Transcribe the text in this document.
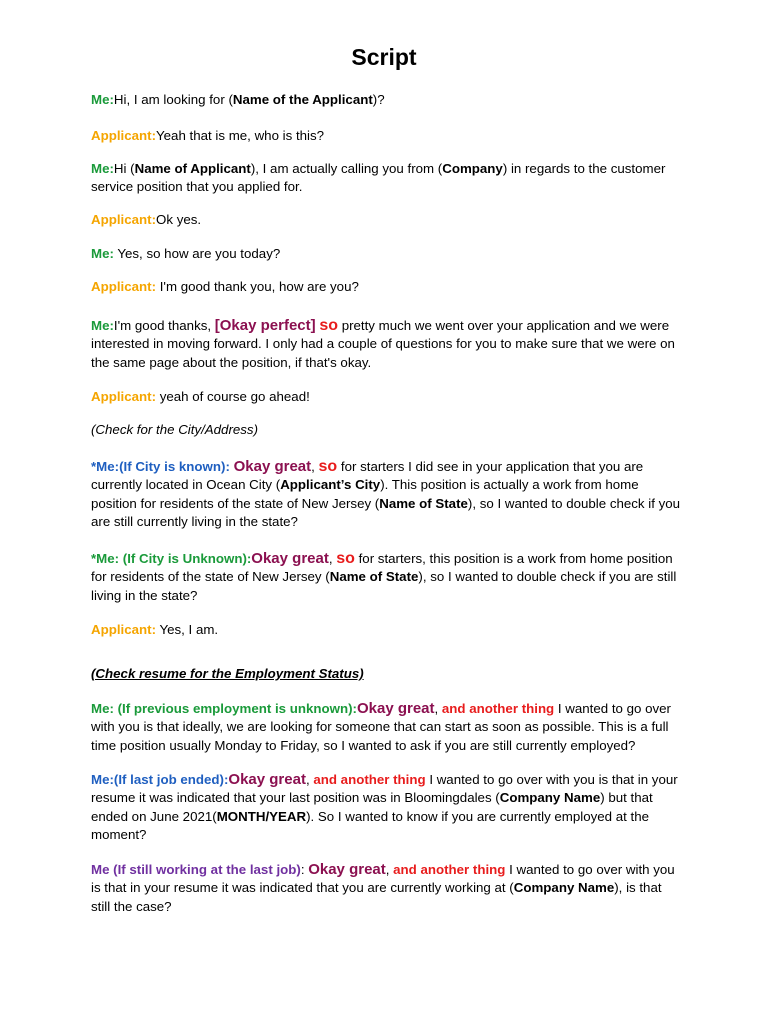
Script

Me:Hi, I am looking for (Name of the Applicant)?

Applicant:Yeah that is me, who is this?

Me:Hi (Name of Applicant), I am actually calling you from (Company) in regards to the customer service position that you applied for.

Applicant:Ok yes.

Me: Yes, so how are you today?

Applicant: I'm good thank you, how are you?

Me:I'm good thanks, [Okay perfect] so pretty much we went over your application and we were interested in moving forward. I only had a couple of questions for you to make sure that we were on the same page about the position, if that's okay.

Applicant: yeah of course go ahead!

(Check for the City/Address)

*Me:(If City is known): Okay great, so for starters I did see in your application that you are currently located in Ocean City (Applicant’s City). This position is actually a work from home position for residents of the state of New Jersey (Name of State), so I wanted to double check if you are still currently living in the state?

*Me: (If City is Unknown):Okay great, so for starters, this position is a work from home position for residents of the state of New Jersey (Name of State), so I wanted to double check if you are still living in the state?

Applicant: Yes, I am.

(Check resume for the Employment Status)

Me: (If previous employment is unknown):Okay great, and another thing I wanted to go over with you is that ideally, we are looking for someone that can start as soon as possible. This is a full time position usually Monday to Friday, so I wanted to ask if you are still currently employed?

Me:(If last job ended):Okay great, and another thing I wanted to go over with you is that in your resume it was indicated that your last position was in Bloomingdales (Company Name) but that ended on June 2021(MONTH/YEAR). So I wanted to know if you are currently employed at the moment?

Me (If still working at the last job): Okay great, and another thing I wanted to go over with you is that in your resume it was indicated that you are currently working at (Company Name), is that still the case?
